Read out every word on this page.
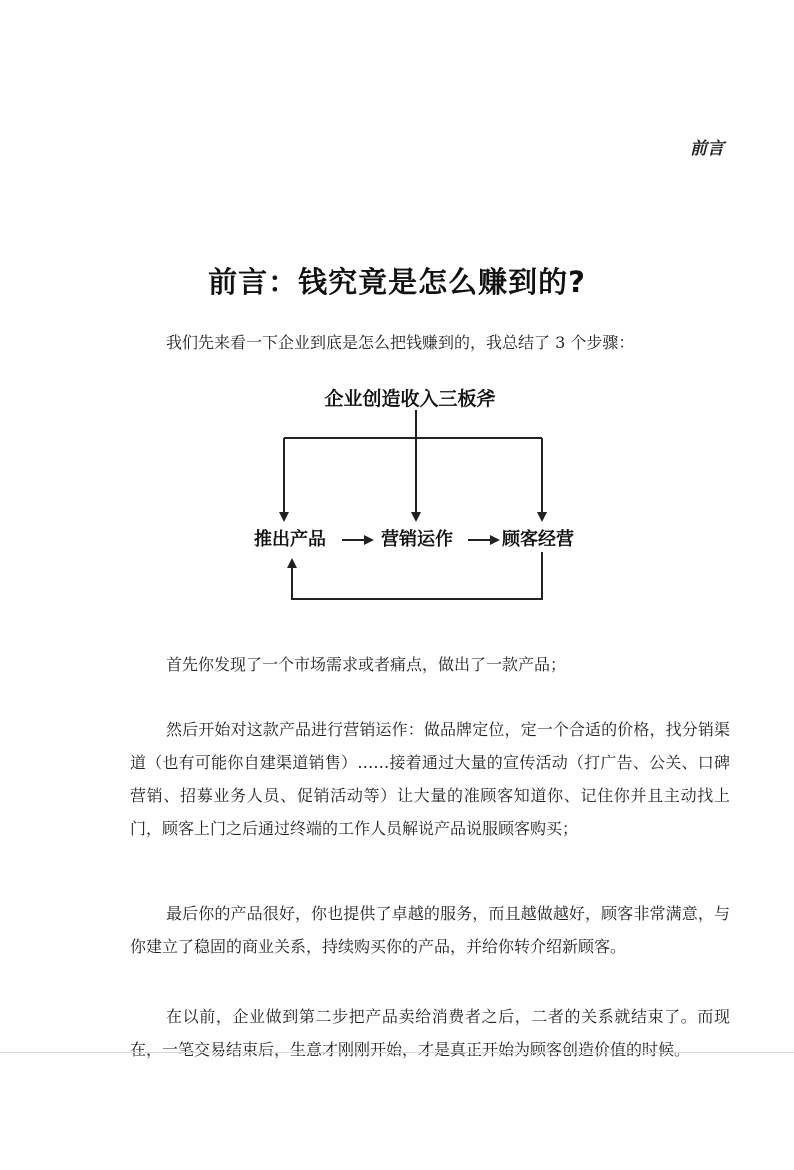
前言
前言：钱究竟是怎么赚到的?

我们先来看一下企业到底是怎么把钱赚到的，我总结了 3 个步骤：

企业创造收入三板斧
推出产品	营销运作	顾客经营

首先你发现了一个市场需求或者痛点，做出了一款产品；

然后开始对这款产品进行营销运作：做品牌定位，定一个合适的价格，找分销渠道（也有可能你自建渠道销售）……接着通过大量的宣传活动（打广告、公关、口碑营销、招募业务人员、促销活动等）让大量的准顾客知道你、记住你并且主动找上门，顾客上门之后通过终端的工作人员解说产品说服顾客购买；

最后你的产品很好，你也提供了卓越的服务，而且越做越好，顾客非常满意，与你建立了稳固的商业关系，持续购买你的产品，并给你转介绍新顾客。

在以前，企业做到第二步把产品卖给消费者之后，二者的关系就结束了。而现在，一笔交易结束后，生意才刚刚开始，才是真正开始为顾客创造价值的时候。
